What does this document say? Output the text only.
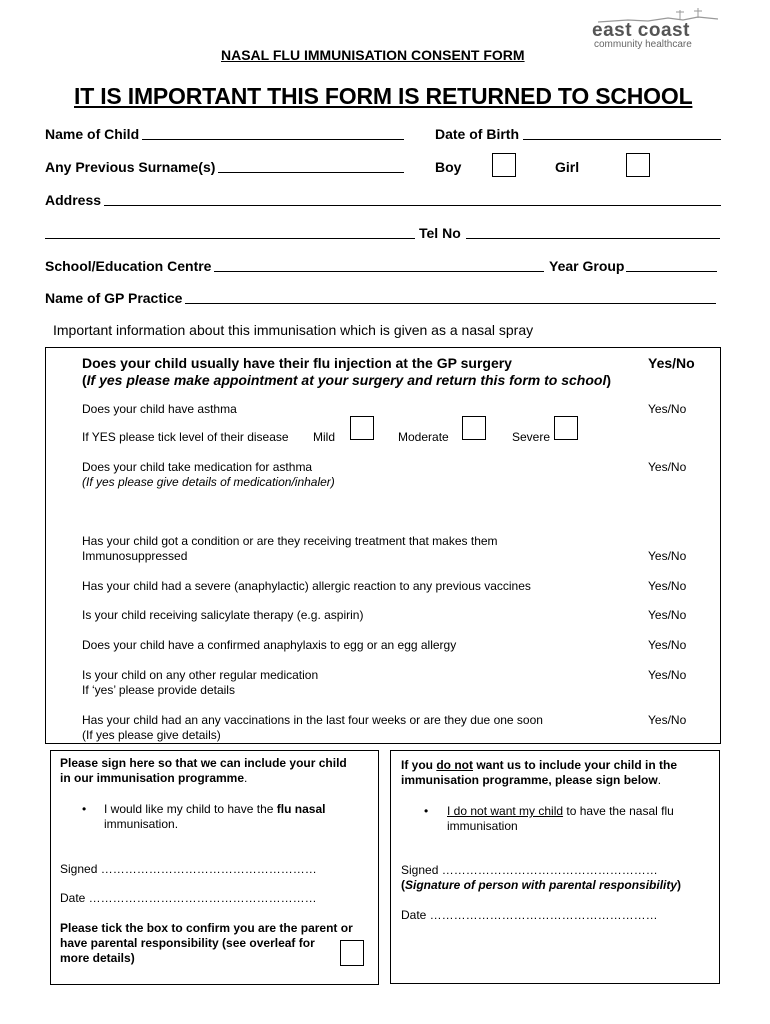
east coast
community healthcare
NASAL FLU IMMUNISATION CONSENT FORM
IT IS IMPORTANT THIS FORM IS RETURNED TO SCHOOL
Name of Child	Date of Birth
Any Previous Surname(s)	Boy	Girl
Address
Tel No
School/Education Centre	Year Group
Name of GP Practice
Important information about this immunisation which is given as a nasal spray
Does your child usually have their flu injection at the GP surgery
(If yes please make appointment at your surgery and return this form to school)
Yes/No
Does your child have asthma	Yes/No
If YES please tick level of their disease Mild	Moderate	Severe
Does your child take medication for asthma
(If yes please give details of medication/inhaler)
Yes/No
Has your child got a condition or are they receiving treatment that makes them
Immunosuppressed	Yes/No
Has your child had a severe (anaphylactic) allergic reaction to any previous vaccines	Yes/No
Is your child receiving salicylate therapy (e.g. aspirin)	Yes/No
Does your child have a confirmed anaphylaxis to egg or an egg allergy	Yes/No
Is your child on any other regular medication
If ‘yes’ please provide details
Yes/No
Has your child had an any vaccinations in the last four weeks or are they due one soon
(If yes please give details)
Yes/No
Please sign here so that we can include your child
in our immunisation programme.
• I would like my child to have the flu nasal
immunisation.
Signed ………………………………………………
Date …………………………………………………
Please tick the box to confirm you are the parent or
have parental responsibility (see overleaf for
more details)
If you do not want us to include your child in the
immunisation programme, please sign below.
• I do not want my child to have the nasal flu
immunisation
Signed ………………………………………………
(Signature of person with parental responsibility)
Date …………………………………………………
